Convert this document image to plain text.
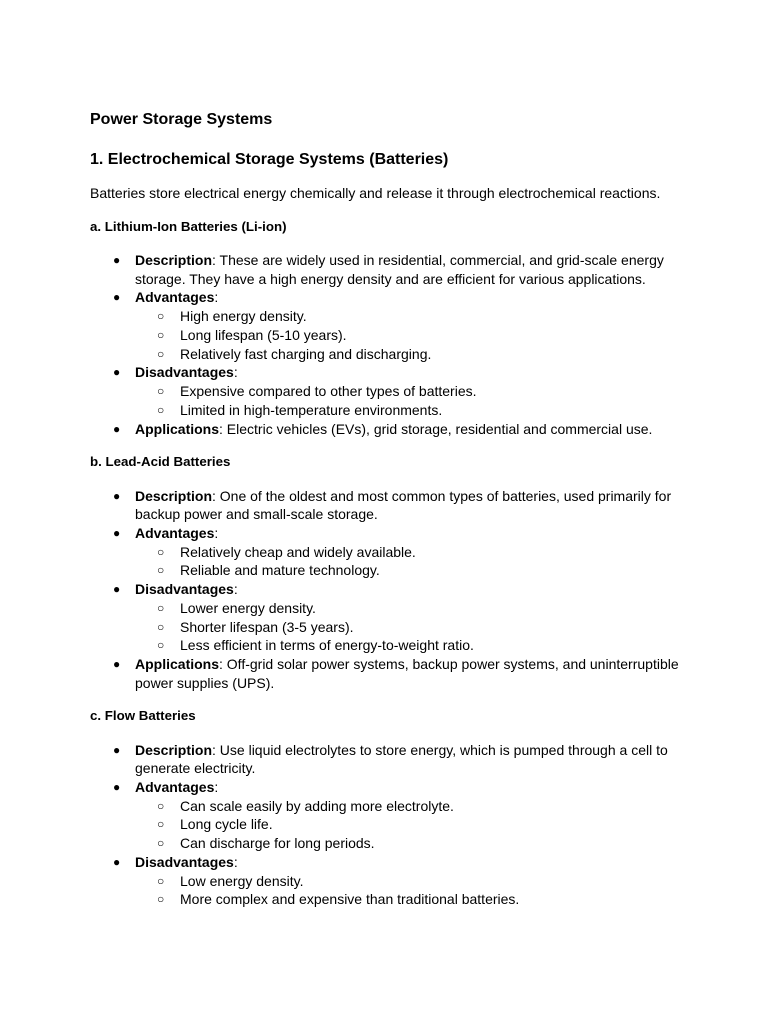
Power Storage Systems
1. Electrochemical Storage Systems (Batteries)
Batteries store electrical energy chemically and release it through electrochemical reactions.
a. Lithium-Ion Batteries (Li-ion)
● Description: These are widely used in residential, commercial, and grid-scale energy storage. They have a high energy density and are efficient for various applications.
● Advantages:
○ High energy density.
○ Long lifespan (5-10 years).
○ Relatively fast charging and discharging.
● Disadvantages:
○ Expensive compared to other types of batteries.
○ Limited in high-temperature environments.
● Applications: Electric vehicles (EVs), grid storage, residential and commercial use.
b. Lead-Acid Batteries
● Description: One of the oldest and most common types of batteries, used primarily for backup power and small-scale storage.
● Advantages:
○ Relatively cheap and widely available.
○ Reliable and mature technology.
● Disadvantages:
○ Lower energy density.
○ Shorter lifespan (3-5 years).
○ Less efficient in terms of energy-to-weight ratio.
● Applications: Off-grid solar power systems, backup power systems, and uninterruptible power supplies (UPS).
c. Flow Batteries
● Description: Use liquid electrolytes to store energy, which is pumped through a cell to generate electricity.
● Advantages:
○ Can scale easily by adding more electrolyte.
○ Long cycle life.
○ Can discharge for long periods.
● Disadvantages:
○ Low energy density.
○ More complex and expensive than traditional batteries.
